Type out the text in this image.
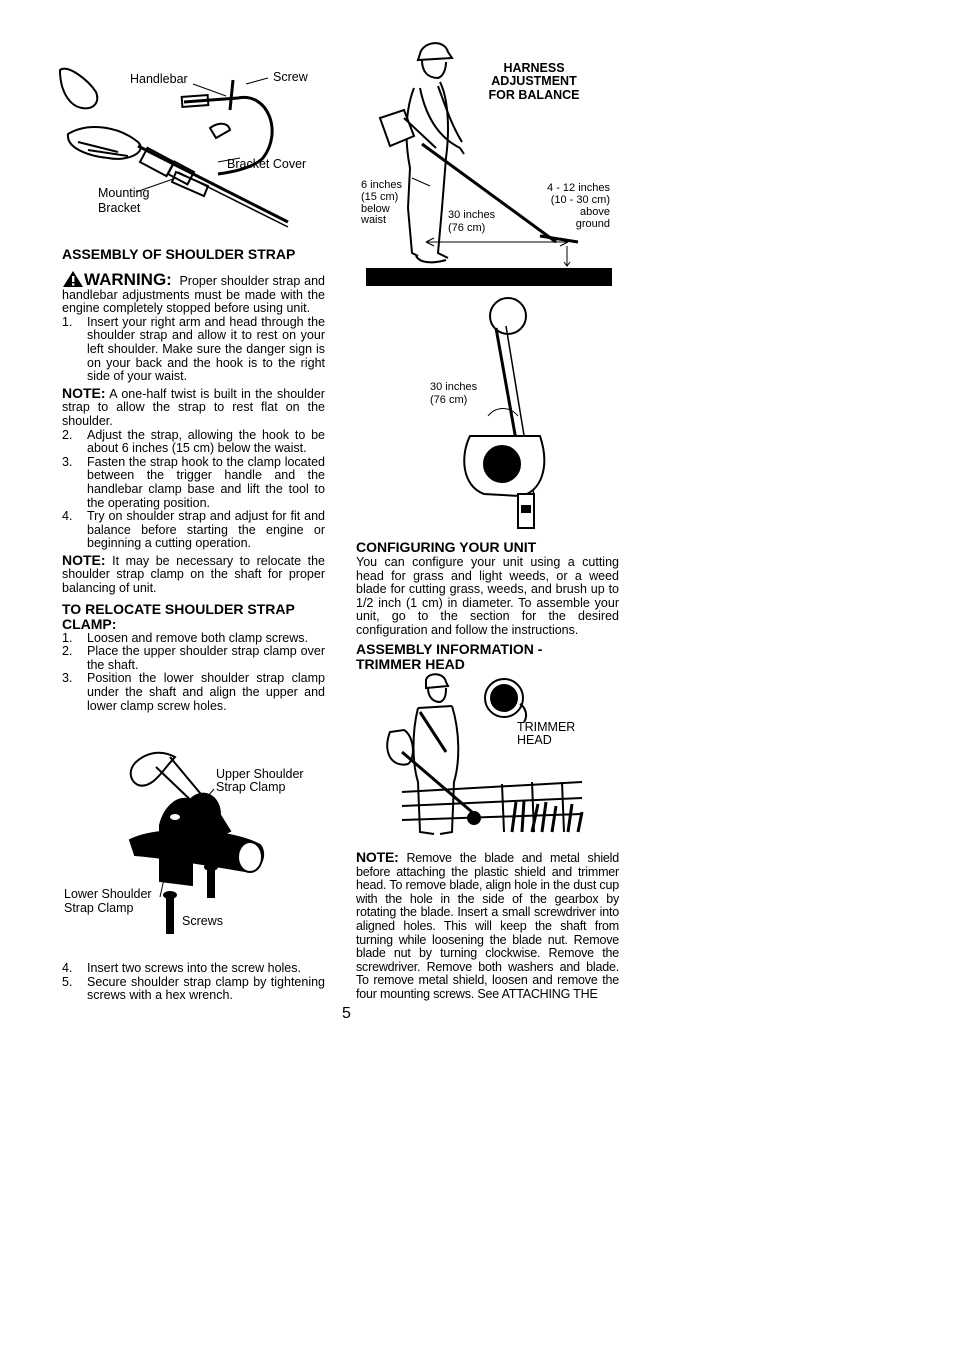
Handlebar	Screw
Bracket Cover
Mounting
Bracket
ASSEMBLY OF SHOULDER STRAP

WARNING: Proper shoulder strap and handlebar adjustments must be made with the engine completely stopped before using unit.

1. Insert your right arm and head through the shoulder strap and allow it to rest on your left shoulder. Make sure the danger sign is on your back and the hook is to the right side of your waist.

NOTE: A one-half twist is built in the shoulder strap to allow the strap to rest flat on the shoulder.

2. Adjust the strap, allowing the hook to be about 6 inches (15 cm) below the waist.

3. Fasten the strap hook to the clamp located between the trigger handle and the handlebar clamp base and lift the tool to the operating position.

4. Try on shoulder strap and adjust for fit and balance before starting the engine or beginning a cutting operation.

NOTE: It may be necessary to relocate the shoulder strap clamp on the shaft for proper balancing of unit.

TO RELOCATE SHOULDER STRAP CLAMP:

1. Loosen and remove both clamp screws.

2. Place the upper shoulder strap clamp over the shaft.

3. Position the lower shoulder strap clamp under the shaft and align the upper and lower clamp screw holes.

Upper Shoulder
Strap Clamp
Lower Shoulder
Strap Clamp
Screws

4. Insert two screws into the screw holes.

5. Secure shoulder strap clamp by tightening screws with a hex wrench.

HARNESS
ADJUSTMENT
FOR BALANCE
6 inches
(15 cm)
below
waist	30 inches
(76 cm)
4 - 12 inches
(10 - 30 cm)
above
ground
30 inches
(76 cm)
CONFIGURING YOUR UNIT

You can configure your unit using a cutting head for grass and light weeds, or a weed blade for cutting grass, weeds, and brush up to 1/2 inch (1 cm) in diameter. To assemble your unit, go to the section for the desired configuration and follow the instructions.

ASSEMBLY INFORMATION -
TRIMMER HEAD
TRIMMER
HEAD

NOTE: Remove the blade and metal shield before attaching the plastic shield and trimmer head. To remove blade, align hole in the dust cup with the hole in the side of the gearbox by rotating the blade. Insert a small screwdriver into aligned holes. This will keep the shaft from turning while loosening the blade nut. Remove blade nut by turning clockwise. Remove the screwdriver. Remove both washers and blade. To remove metal shield, loosen and remove the four mounting screws. See ATTACHING THE

5
